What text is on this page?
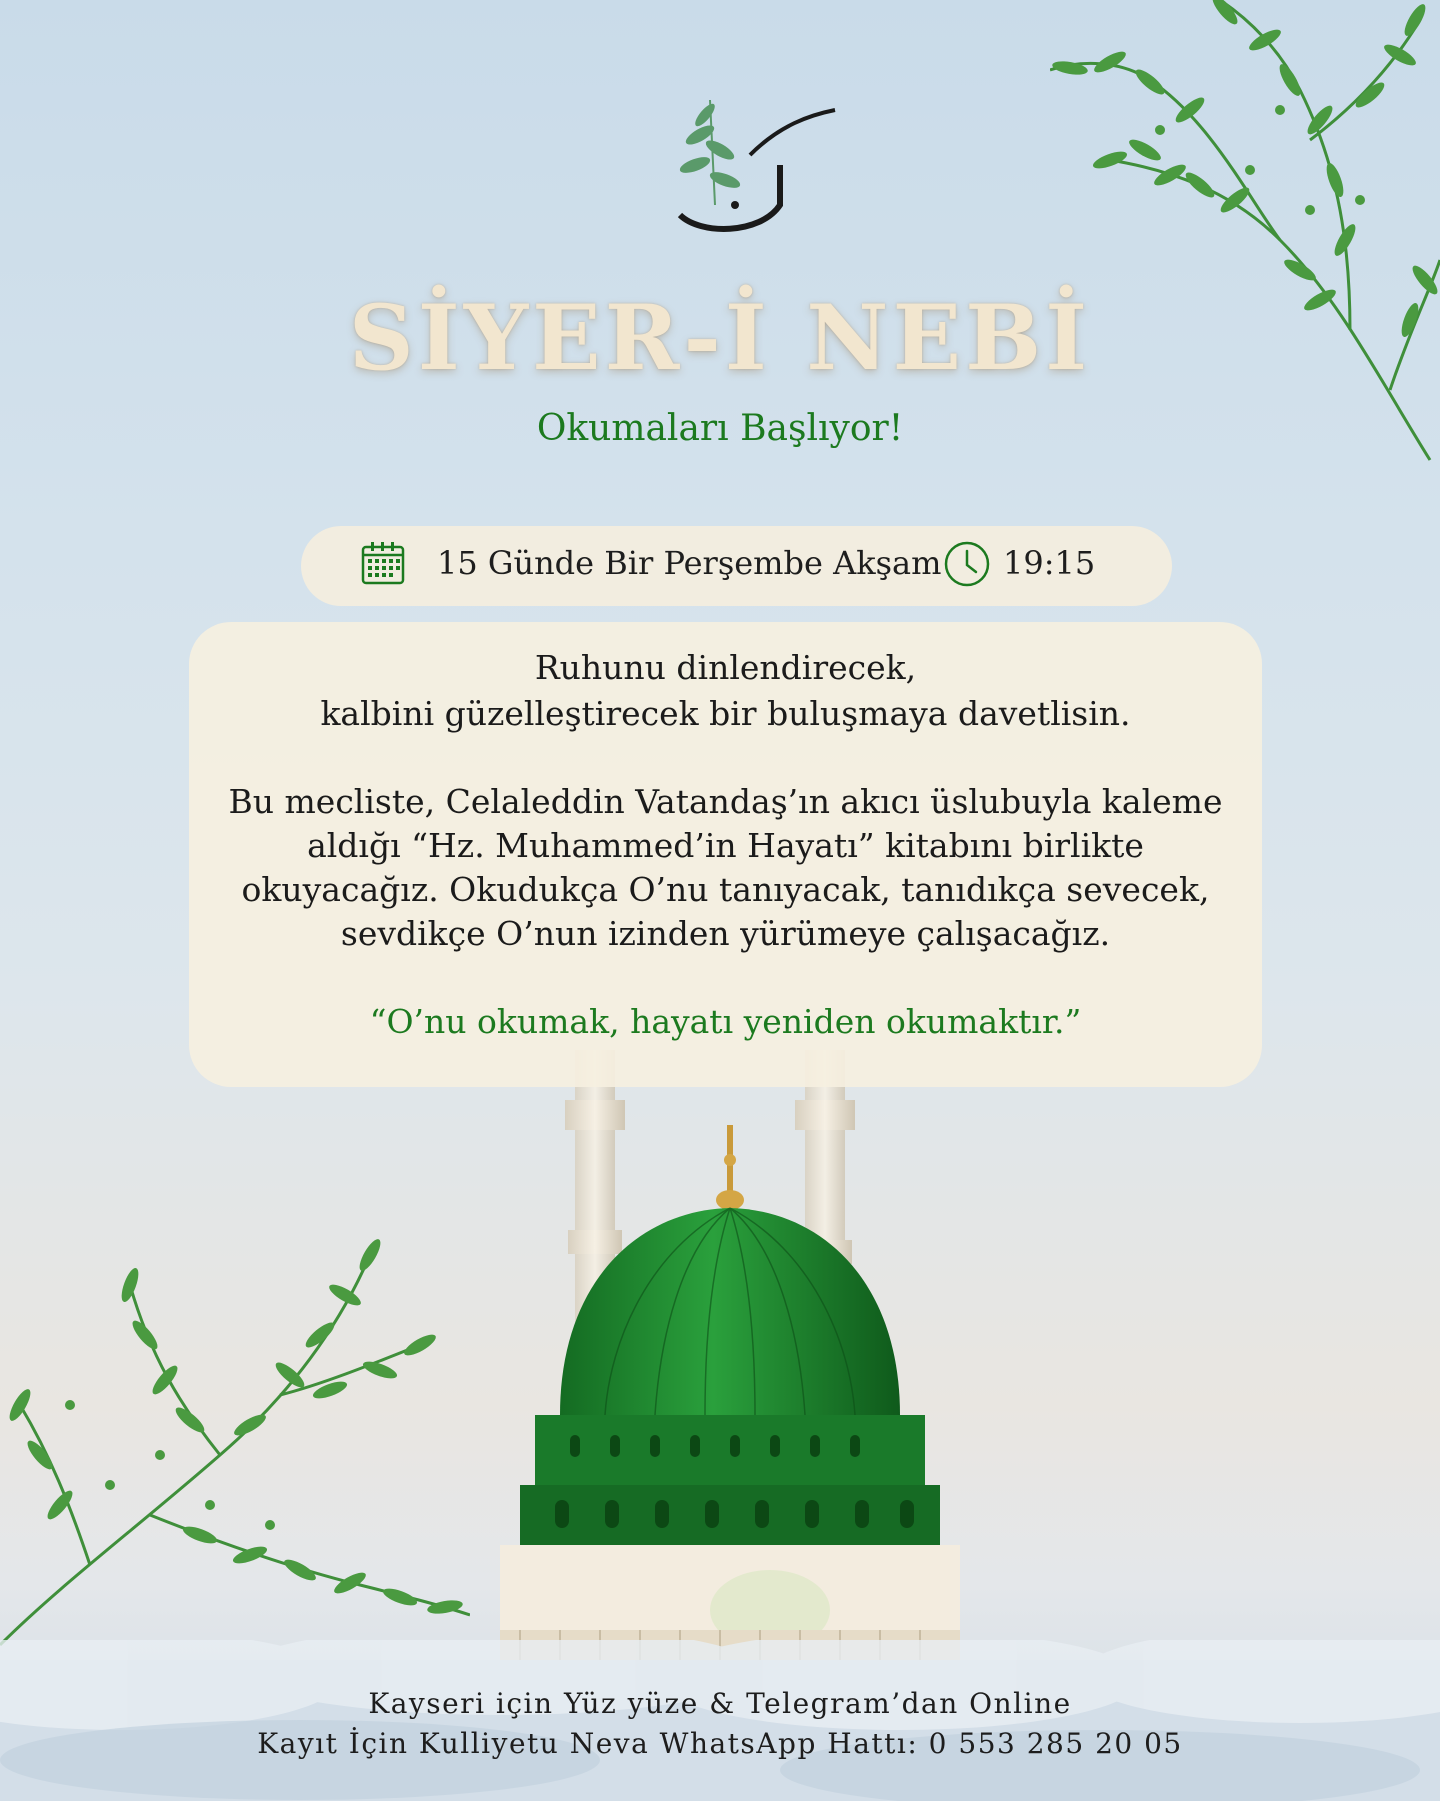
SİYER-İ NEBİ
Okumaları Başlıyor!
15 Günde Bir Perşembe Akşam 19:15
Ruhunu dinlendirecek,
kalbini güzelleştirecek bir buluşmaya davetlisin.
Bu mecliste, Celaleddin Vatandaş’ın akıcı üslubuyla kaleme
aldığı “Hz. Muhammed’in Hayatı” kitabını birlikte
okuyacağız. Okudukça O’nu tanıyacak, tanıdıkça sevecek,
sevdikçe O’nun izinden yürümeye çalışacağız.
“O’nu okumak, hayatı yeniden okumaktır.”
Kayseri için Yüz yüze & Telegram’dan Online
Kayıt İçin Kulliyetu Neva WhatsApp Hattı: 0 553 285 20 05
